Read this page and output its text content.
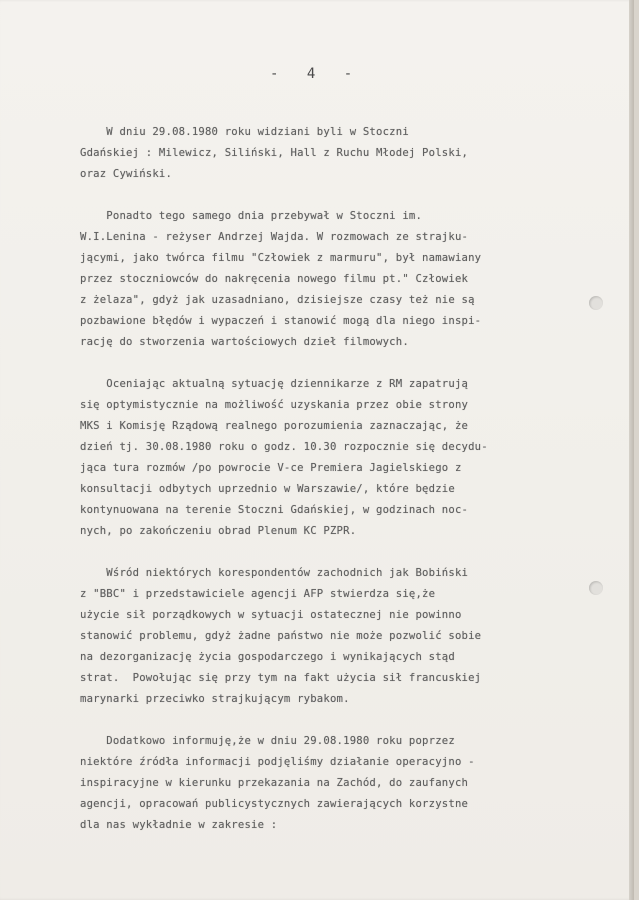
- 4 -
W dniu 29.08.1980 roku widziani byli w Stoczni
Gdańskiej : Milewicz, Siliński, Hall z Ruchu Młodej Polski,
oraz Cywiński.
Ponadto tego samego dnia przebywał w Stoczni im.
W.I.Lenina - reżyser Andrzej Wajda. W rozmowach ze strajku-
jącymi, jako twórca filmu "Człowiek z marmuru", był namawiany
przez stoczniowców do nakręcenia nowego filmu pt." Człowiek
z żelaza", gdyż jak uzasadniano, dzisiejsze czasy też nie są
pozbawione błędów i wypaczeń i stanowić mogą dla niego inspi-
rację do stworzenia wartościowych dzieł filmowych.
Oceniając aktualną sytuację dziennikarze z RM zapatrują
się optymistycznie na możliwość uzyskania przez obie strony
MKS i Komisję Rządową realnego porozumienia zaznaczając, że
dzień tj. 30.08.1980 roku o godz. 10.30 rozpocznie się decydu-
jąca tura rozmów /po powrocie V-ce Premiera Jagielskiego z
konsultacji odbytych uprzednio w Warszawie/, które będzie
kontynuowana na terenie Stoczni Gdańskiej, w godzinach noc-
nych, po zakończeniu obrad Plenum KC PZPR.
Wśród niektórych korespondentów zachodnich jak Bobiński
z "BBC" i przedstawiciele agencji AFP stwierdza się,że
użycie sił porządkowych w sytuacji ostatecznej nie powinno
stanowić problemu, gdyż żadne państwo nie może pozwolić sobie
na dezorganizację życia gospodarczego i wynikających stąd
strat.  Powołując się przy tym na fakt użycia sił francuskiej
marynarki przeciwko strajkującym rybakom.
Dodatkowo informuję,że w dniu 29.08.1980 roku poprzez
niektóre źródła informacji podjęliśmy działanie operacyjno -
inspiracyjne w kierunku przekazania na Zachód, do zaufanych
agencji, opracowań publicystycznych zawierających korzystne
dla nas wykładnie w zakresie :
